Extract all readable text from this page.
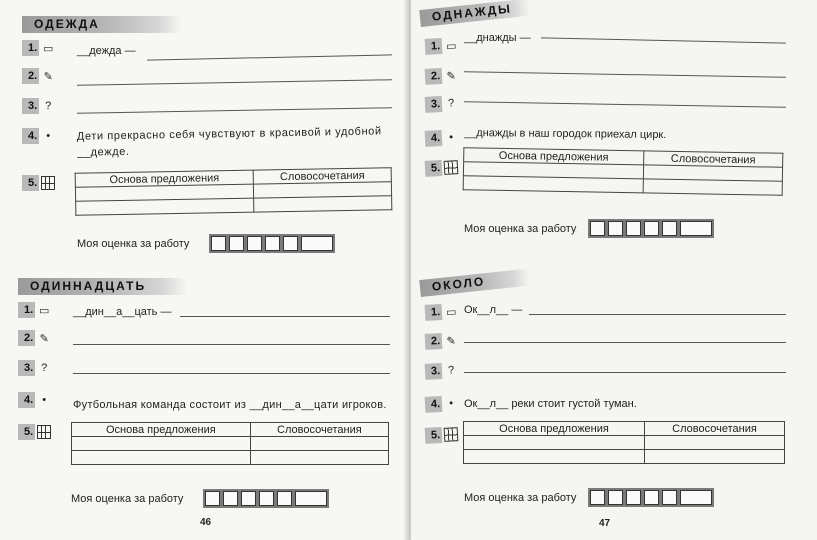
ОДЕЖДА
1. ▭ __дежда —
2. ✎
3. ?
4. •	Дети прекрасно себя чувствуют в красивой и удобной __дежде.
5.	Основа предложения	Словосочетания

Моя оценка за работу
ОДИННАДЦАТЬ
1. ▭ __дин__а__цать —
2. ✎
3. ?
4. •	Футбольная команда состоит из __дин__а__цати игроков.
5.	Основа предложения	Словосочетания

Моя оценка за работу
46
ОДНАЖДЫ
1. ▭
__днажды —
2. ✎
3. ?
4. • __днажды в наш городок приехал цирк.
5.
Основа предложения	Словосочетания

Моя оценка за работу
ОКОЛО
1. ▭ Ок__л__ —
2. ✎
3. ?
4. • Ок__л__ реки стоит густой туман.
5.
Основа предложения	Словосочетания

Моя оценка за работу
47
